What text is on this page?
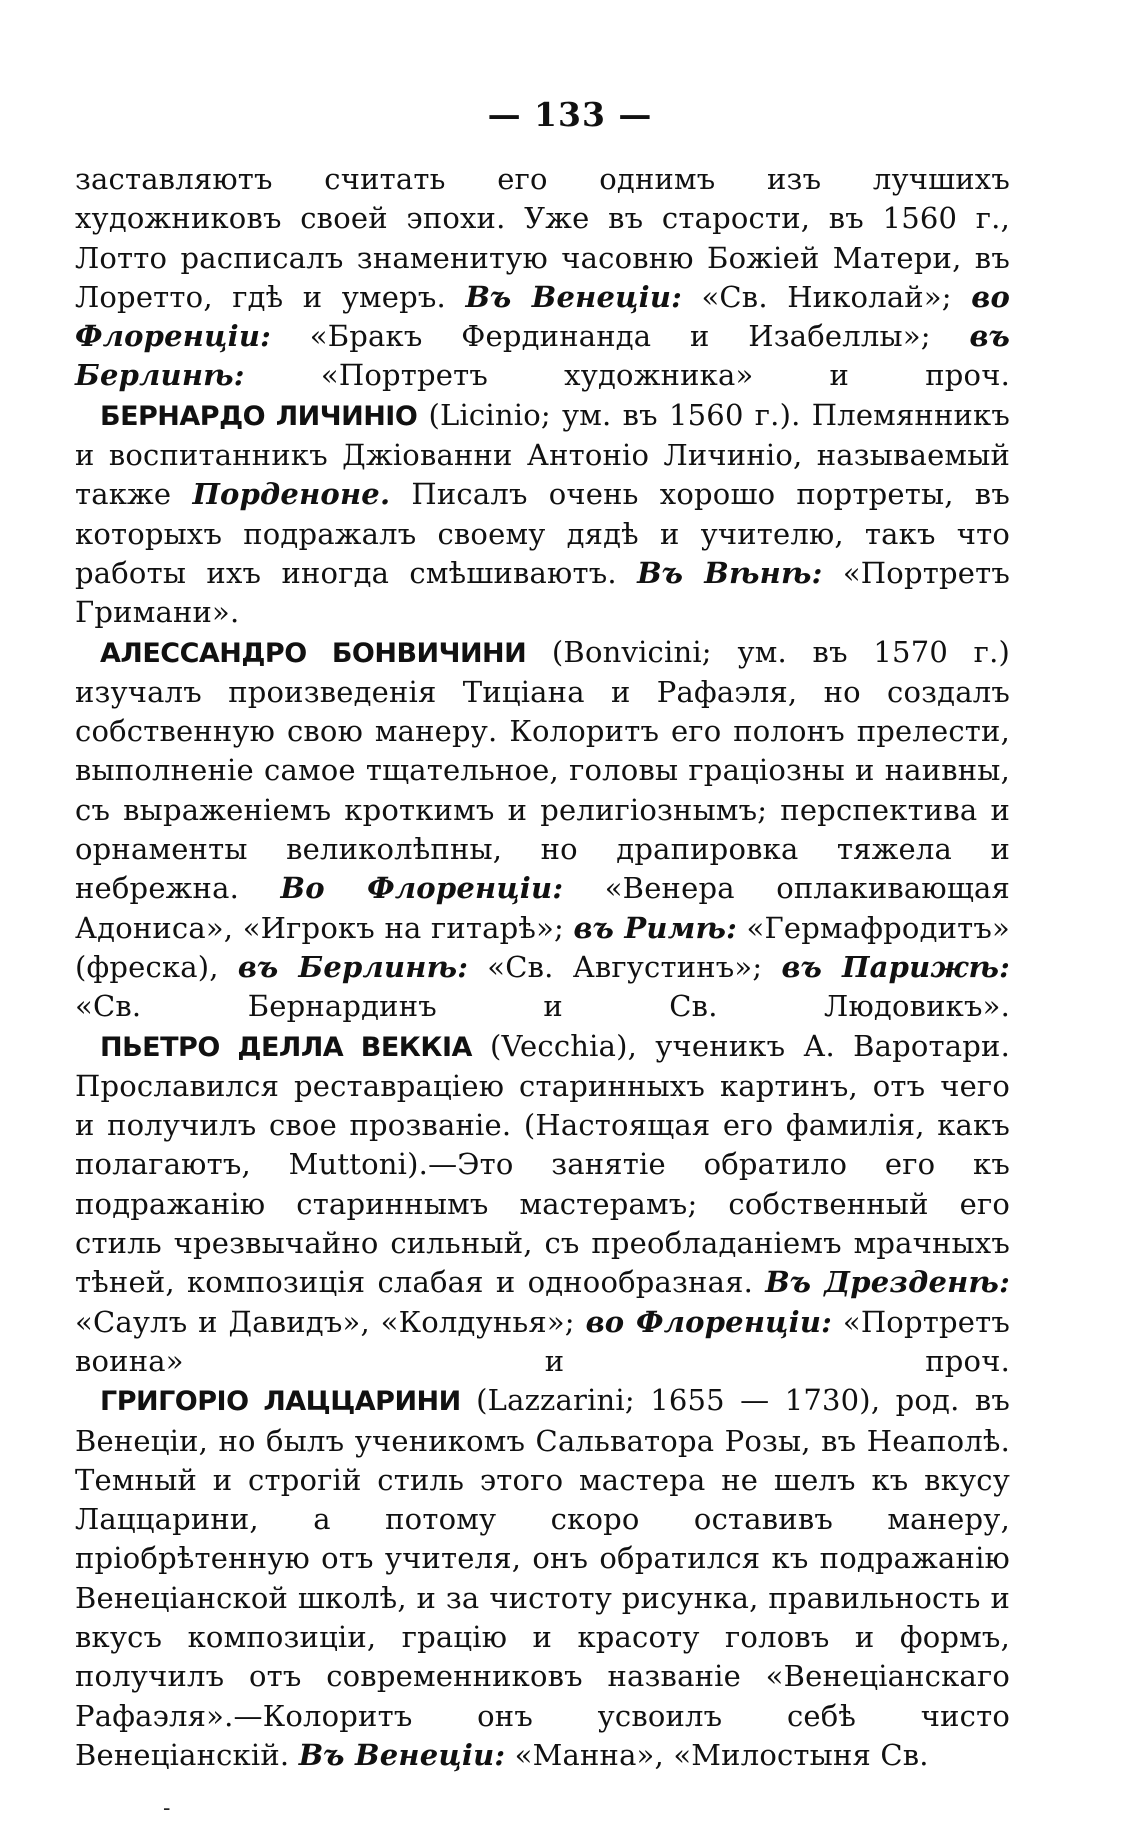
— 133 —

заставляютъ считать его однимъ изъ лучшихъ художниковъ своей эпохи. Уже въ старости, въ 1560 г., Лотто расписалъ знаменитую часовню Божіей Матери, въ Лоретто, гдѣ и умеръ. Въ Венеціи: «Св. Николай»; во Флоренціи: «Бракъ Фердинанда и Изабеллы»; въ Берлинѣ: «Портретъ художника» и проч.

БЕРНАРДО ЛИЧИНІО (Licinio; ум. въ 1560 г.). Племянникъ и воспитанникъ Джіованни Антоніо Личиніо, называемый также Порденоне. Писалъ очень хорошо портреты, въ которыхъ подражалъ своему дядѣ и учителю, такъ что работы ихъ иногда смѣшиваютъ. Въ Вѣнѣ: «Портретъ Гримани».

АЛЕССАНДРО БОНВИЧИНИ (Bonvicini; ум. въ 1570 г.) изучалъ произведенія Тиціана и Рафаэля, но создалъ собственную свою манеру. Колоритъ его полонъ прелести, выполненіе самое тщательное, головы граціозны и наивны, съ выраженіемъ кроткимъ и религіознымъ; перспектива и орнаменты великолѣпны, но драпировка тяжела и небрежна. Во Флоренціи: «Венера оплакивающая Адониса», «Игрокъ на гитарѣ»; въ Римѣ: «Гермафродитъ» (фреска), въ Берлинѣ: «Св. Августинъ»; въ Парижѣ: «Св. Бернардинъ и Св. Людовикъ».

ПЬЕТРО ДЕЛЛА ВЕККІА (Vecchia), ученикъ А. Варотари. Прославился реставраціею старинныхъ картинъ, отъ чего и получилъ свое прозваніе. (Настоящая его фамилія, какъ полагаютъ, Muttoni).—Это занятіе обратило его къ подражанію стариннымъ мастерамъ; собственный его стиль чрезвычайно сильный, съ преобладаніемъ мрачныхъ тѣней, композиція слабая и однообразная. Въ Дрезденѣ: «Саулъ и Давидъ», «Колдунья»; во Флоренціи: «Портретъ воина» и проч.

ГРИГОРІО ЛАЦЦАРИНИ (Lazzarini; 1655 — 1730), род. въ Венеціи, но былъ ученикомъ Сальватора Розы, въ Неаполѣ. Темный и строгій стиль этого мастера не шелъ къ вкусу Лаццарини, а потому скоро оставивъ манеру, пріобрѣтенную отъ учителя, онъ обратился къ подражанію Венеціанской школѣ, и за чистоту рисунка, правильность и вкусъ композиціи, грацію и красоту головъ и формъ, получилъ отъ современниковъ названіе «Венеціанскаго Рафаэля».—Колоритъ онъ усвоилъ себѣ чисто Венеціанскій. Въ Венеціи: «Манна», «Милостыня Св.

-
